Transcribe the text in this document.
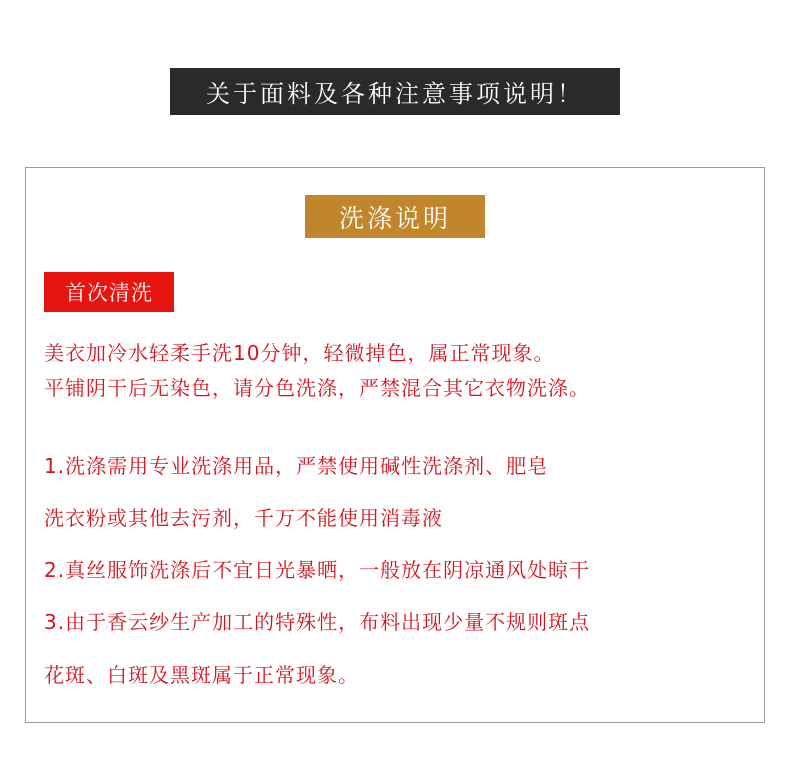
关于面料及各种注意事项说明！
洗涤说明
首次清洗
美衣加冷水轻柔手洗10分钟，轻微掉色，属正常现象。
平铺阴干后无染色，请分色洗涤，严禁混合其它衣物洗涤。
1.洗涤需用专业洗涤用品，严禁使用碱性洗涤剂、肥皂
洗衣粉或其他去污剂，千万不能使用消毒液
2.真丝服饰洗涤后不宜日光暴晒，一般放在阴凉通风处晾干
3.由于香云纱生产加工的特殊性，布料出现少量不规则斑点
花斑、白斑及黑斑属于正常现象。
